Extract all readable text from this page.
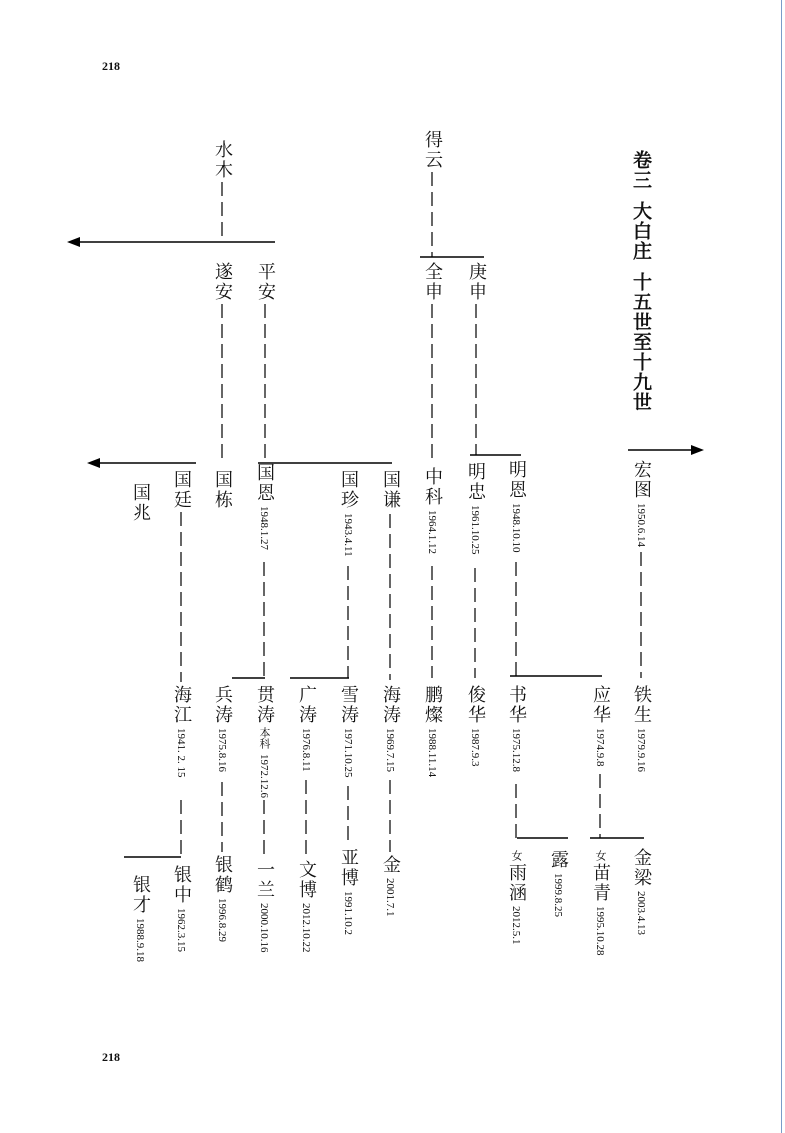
218
218
卷三大白庄十五世至十九世
水木	得云
遂安 平安	全申 庚申
国兆 国廷 国栋 国恩1948.1.27
国珍1943.4.11
国谦 中科1964.1.12
明忠1961.10.25
明恩1948.10.10
宏图1950.6.14
海江1941. 2. 15
兵涛1975.8.16
贯涛本科1972.12.6
广涛1976.8.11
雪涛1971.10.25
海涛1969.7.15
鹏燦1988.11.14
俊华1987.9.3
书华1975.12.8
应华1974.9.8
铁生1979.9.16
银才1988.9.18
银中1962.3.15
银鹤1996.8.29
一兰2000.10.16
文博2012.10.22
亚博1991.10.2
金2001.7.1
女雨涵2012.5.1
露1999.8.25
女苗青1995.10.28
金梁2003.4.13
